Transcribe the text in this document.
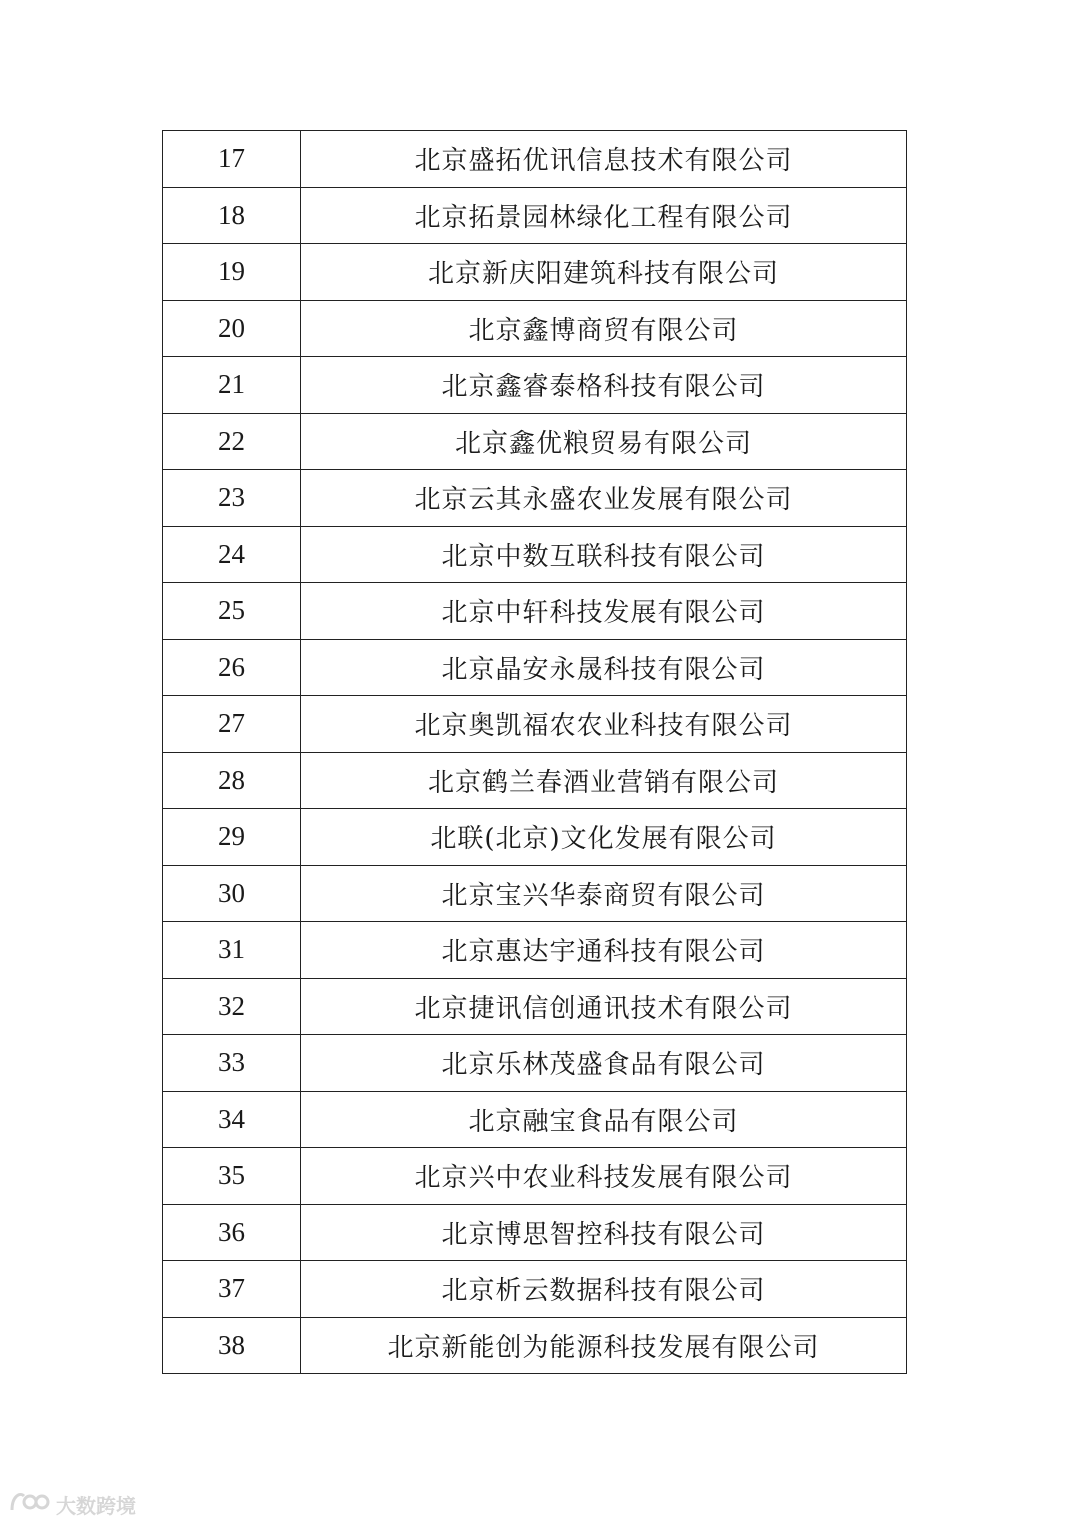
17	北京盛拓优讯信息技术有限公司
18	北京拓景园林绿化工程有限公司
19	北京新庆阳建筑科技有限公司
20	北京鑫博商贸有限公司
21	北京鑫睿泰格科技有限公司
22	北京鑫优粮贸易有限公司
23	北京云其永盛农业发展有限公司
24	北京中数互联科技有限公司
25	北京中轩科技发展有限公司
26	北京晶安永晟科技有限公司
27	北京奥凯福农农业科技有限公司
28	北京鹤兰春酒业营销有限公司
29	北联(北京)文化发展有限公司
30	北京宝兴华泰商贸有限公司
31	北京惠达宇通科技有限公司
32	北京捷讯信创通讯技术有限公司
33	北京乐林茂盛食品有限公司
34	北京融宝食品有限公司
35	北京兴中农业科技发展有限公司
36	北京博思智控科技有限公司
37	北京析云数据科技有限公司
38	北京新能创为能源科技发展有限公司
大数跨境
